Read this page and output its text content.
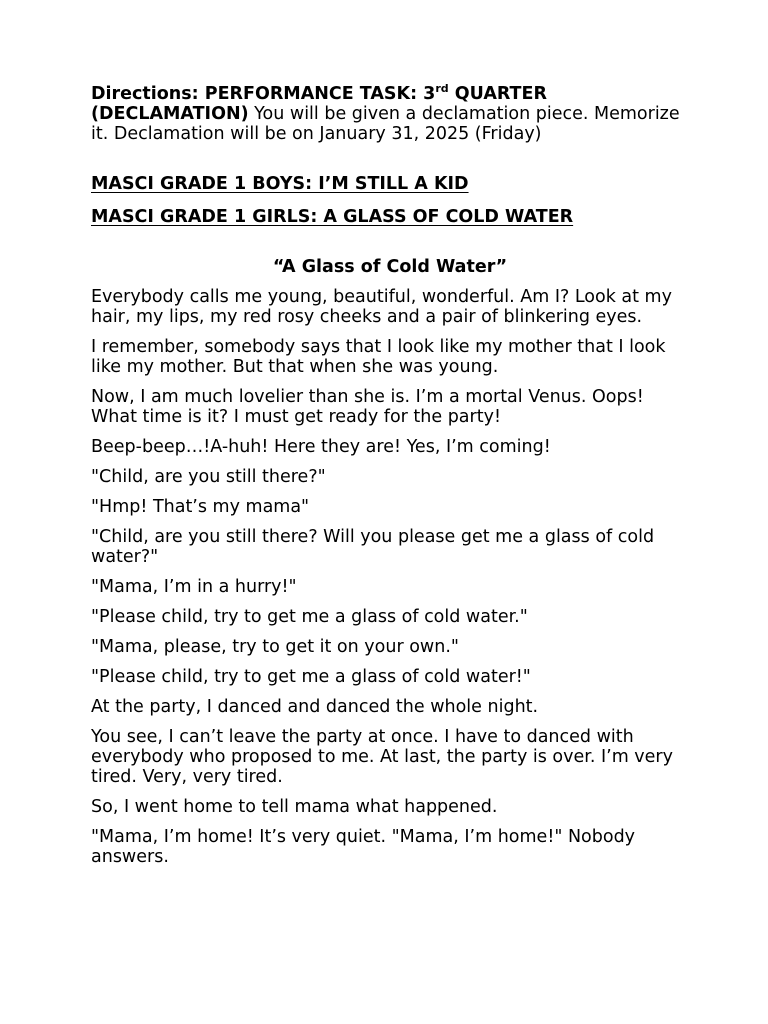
Directions: PERFORMANCE TASK: 3rd QUARTER
(DECLAMATION) You will be given a declamation piece. Memorize it. Declamation will be on January 31, 2025 (Friday)

MASCI GRADE 1 BOYS: I’M STILL A KID

MASCI GRADE 1 GIRLS: A GLASS OF COLD WATER

“A Glass of Cold Water”

Everybody calls me young, beautiful, wonderful. Am I? Look at my hair, my lips, my red rosy cheeks and a pair of blinkering eyes.

I remember, somebody says that I look like my mother that I look like my mother. But that when she was young.

Now, I am much lovelier than she is. I’m a mortal Venus. Oops! What time is it? I must get ready for the party!

Beep-beep…!A-huh! Here they are! Yes, I’m coming!

"Child, are you still there?"

"Hmp! That’s my mama"

"Child, are you still there? Will you please get me a glass of cold water?"

"Mama, I’m in a hurry!"

"Please child, try to get me a glass of cold water."

"Mama, please, try to get it on your own."

"Please child, try to get me a glass of cold water!"

At the party, I danced and danced the whole night.

You see, I can’t leave the party at once. I have to danced with everybody who proposed to me. At last, the party is over. I’m very tired. Very, very tired.

So, I went home to tell mama what happened.

"Mama, I’m home! It’s very quiet. "Mama, I’m home!" Nobody answers.
